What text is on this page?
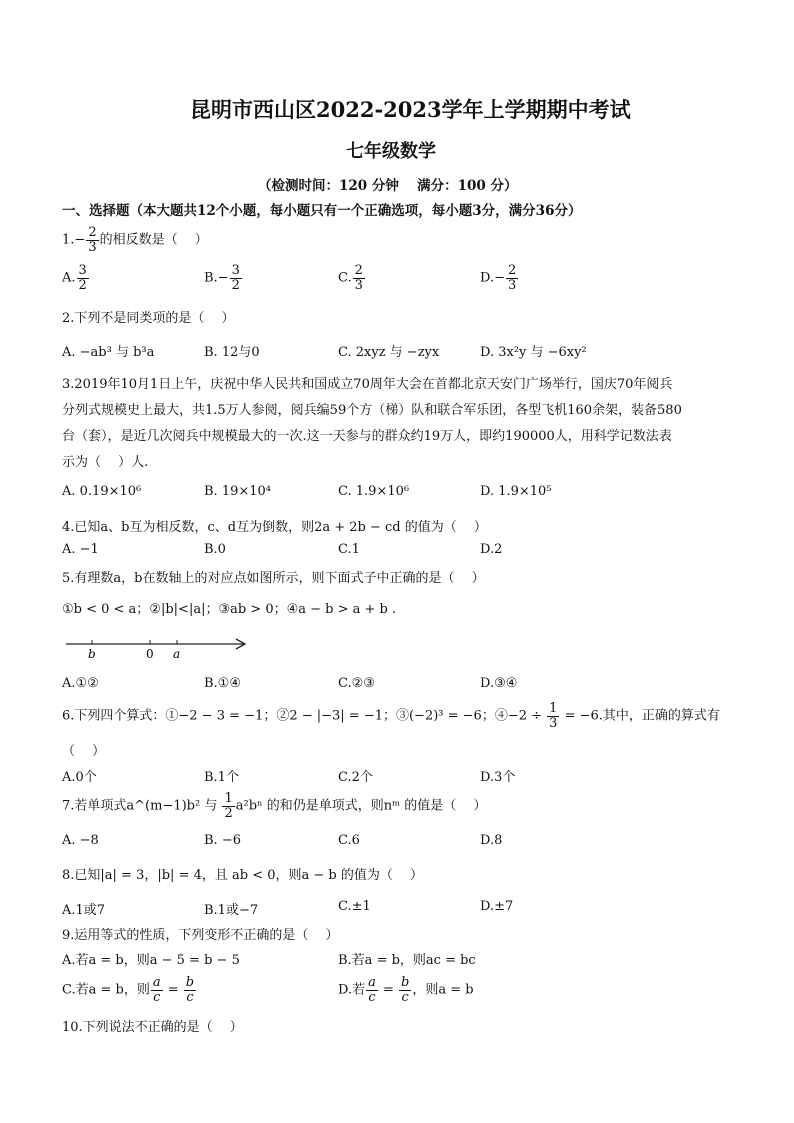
昆明市西山区2022-2023学年上学期期中考试
七年级数学
（检测时间：120 分钟　 满分：100 分）
一、选择题（本大题共12个小题，每小题只有一个正确选项，每小题3分，满分36分）
$1.- \frac{2}{3}$ 的相反数是（　 ）
A. $\frac{3}{2}$	$B.- \frac{3}{2}$	C. $\frac{2}{3}$	$D.- \frac{2}{3}$
2.下列不是同类项的是（　 ）
A. −ab³ 与 b³a	B. 12与0	C. 2xyz 与 −zyx	D. 3x²y 与 −6xy²
3.2019年10月1日上午，庆祝中华人民共和国成立70周年大会在首都北京天安门广场举行，国庆70年阅兵
分列式规模史上最大，共1.5万人参阅，阅兵编59个方（梯）队和联合军乐团，各型飞机160余架，装备580
台（套），是近几次阅兵中规模最大的一次.这一天参与的群众约19万人，即约190000人，用科学记数法表
示为（　 ）人.
A. 0.19×10⁶	B. 19×10⁴	C. 1.9×10⁶	D. 1.9×10⁵
4.已知a、b互为相反数，c、d互为倒数，则2a + 2b − cd 的值为（　 ）
A. −1	B.0	C.1	D.2
5.有理数a，b在数轴上的对应点如图所示，则下面式子中正确的是（　 ）
①b < 0 < a；②|b|<|a|；③ab > 0；④a − b > a + b .
b	0 a
A.①②	B.①④	C.②③	D.③④
6.下列四个算式：①−2 − 3 = −1；②2 − |−3| = −1；③(−2)³ = −6；④−2 ÷ $\frac{1}{3} = -6$.其中，正确的算式有
（　 ）
A.0个	B.1个	C.2个	D.3个
7.若单项式a^(m−1)b² 与 $\frac{1}{2} a^2b^n$ 的和仍是单项式，则nᵐ 的值是（　 ）
A. −8	B. −6	C.6	D.8
8.已知|a| = 3，|b| = 4，且 ab < 0，则a − b 的值为（　 ）
A.1或7	B.1或−7	C.±1	D.±7
9.运用等式的性质，下列变形不正确的是（　 ）
A.若a = b，则a − 5 = b − 5	B.若a = b，则ac = bc
C.若a = b，则 $\frac{a}{c} = \frac{b}{c}$	D.若 $\frac{a}{c} = \frac{b}{c}$ ，则a = b
10.下列说法不正确的是（　 ）
